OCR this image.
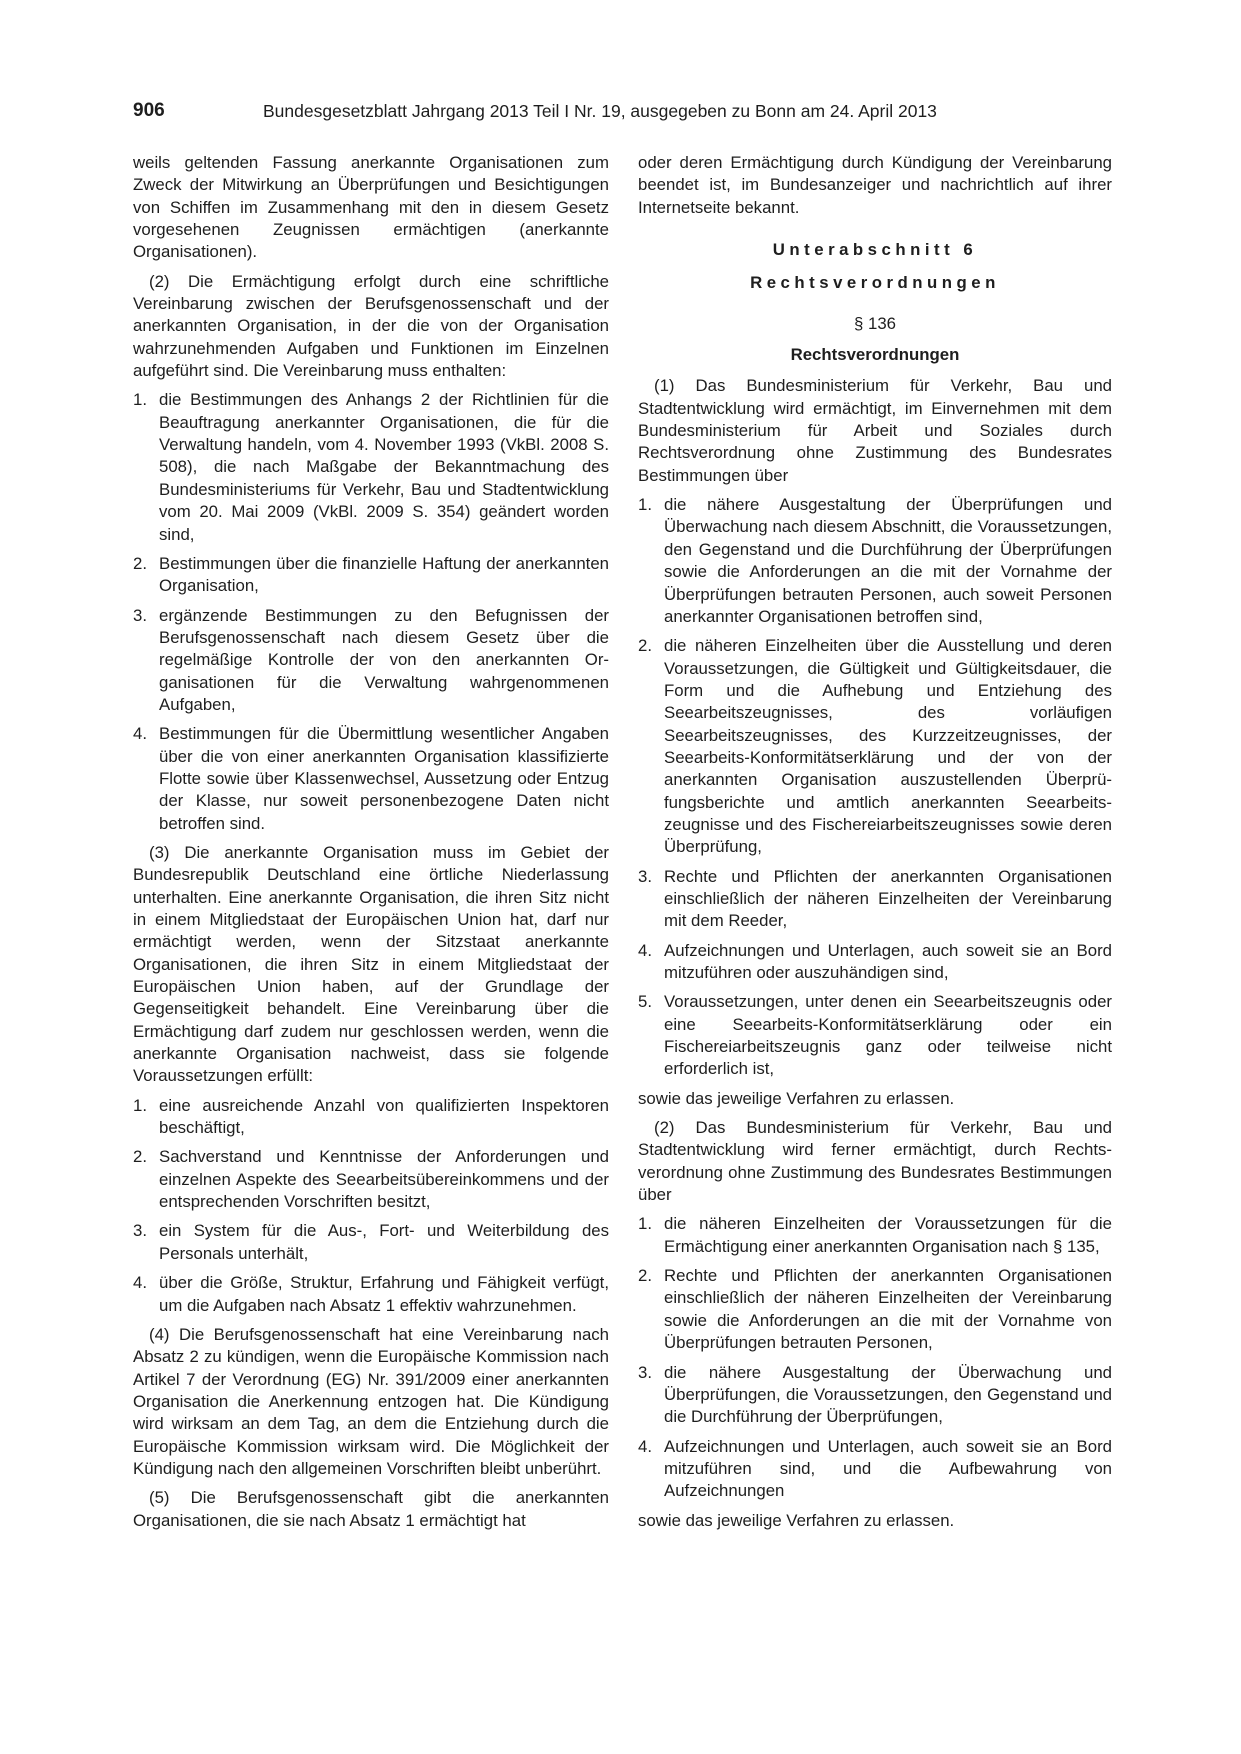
906	Bundesgesetzblatt Jahrgang 2013 Teil I Nr. 19, ausgegeben zu Bonn am 24. April 2013

weils geltenden Fassung anerkannte Organisationen zum Zweck der Mitwirkung an Überprüfungen und Besichtigungen von Schiffen im Zusammenhang mit den in diesem Gesetz vorgesehenen Zeugnissen ermächtigen (anerkannte Organisationen).

(2) Die Ermächtigung erfolgt durch eine schriftliche Vereinbarung zwischen der Berufsgenossenschaft und der anerkannten Organisation, in der die von der Organisation wahrzunehmenden Aufgaben und Funktionen im Einzelnen aufgeführt sind. Die Vereinbarung muss enthalten:

1. die Bestimmungen des Anhangs 2 der Richtlinien für die Beauftragung anerkannter Organisationen, die für die Verwaltung handeln, vom 4. November 1993 (VkBl. 2008 S. 508), die nach Maßgabe der Bekanntmachung des Bundesministeriums für Verkehr, Bau und Stadtentwicklung vom 20. Mai 2009 (VkBl. 2009 S. 354) geändert worden sind,
2. Bestimmungen über die finanzielle Haftung der anerkannten Organisation,
3. ergänzende Bestimmungen zu den Befugnissen der Berufsgenossenschaft nach diesem Gesetz über die regelmäßige Kontrolle der von den anerkannten Organisationen für die Verwaltung wahrgenommenen Aufgaben,
4. Bestimmungen für die Übermittlung wesentlicher Angaben über die von einer anerkannten Organisation klassifizierte Flotte sowie über Klassenwechsel, Aussetzung oder Entzug der Klasse, nur soweit personenbezogene Daten nicht betroffen sind.

(3) Die anerkannte Organisation muss im Gebiet der Bundesrepublik Deutschland eine örtliche Niederlassung unterhalten. Eine anerkannte Organisation, die ihren Sitz nicht in einem Mitgliedstaat der Europäischen Union hat, darf nur ermächtigt werden, wenn der Sitzstaat anerkannte Organisationen, die ihren Sitz in einem Mitgliedstaat der Europäischen Union haben, auf der Grundlage der Gegenseitigkeit behandelt. Eine Vereinbarung über die Ermächtigung darf zudem nur geschlossen werden, wenn die anerkannte Organisation nachweist, dass sie folgende Voraussetzungen erfüllt:

1. eine ausreichende Anzahl von qualifizierten Inspektoren beschäftigt,
2. Sachverstand und Kenntnisse der Anforderungen und einzelnen Aspekte des Seearbeitsübereinkommens und der entsprechenden Vorschriften besitzt,
3. ein System für die Aus-, Fort- und Weiterbildung des Personals unterhält,
4. über die Größe, Struktur, Erfahrung und Fähigkeit verfügt, um die Aufgaben nach Absatz 1 effektiv wahrzunehmen.

(4) Die Berufsgenossenschaft hat eine Vereinbarung nach Absatz 2 zu kündigen, wenn die Europäische Kommission nach Artikel 7 der Verordnung (EG) Nr. 391/2009 einer anerkannten Organisation die Anerkennung entzogen hat. Die Kündigung wird wirksam an dem Tag, an dem die Entziehung durch die Europäische Kommission wirksam wird. Die Möglichkeit der Kündigung nach den allgemeinen Vorschriften bleibt unberührt.

(5) Die Berufsgenossenschaft gibt die anerkannten Organisationen, die sie nach Absatz 1 ermächtigt hat

oder deren Ermächtigung durch Kündigung der Vereinbarung beendet ist, im Bundesanzeiger und nachrichtlich auf ihrer Internetseite bekannt.

Unterabschnitt 6
Rechtsverordnungen
§ 136
Rechtsverordnungen

(1) Das Bundesministerium für Verkehr, Bau und Stadtentwicklung wird ermächtigt, im Einvernehmen mit dem Bundesministerium für Arbeit und Soziales durch Rechtsverordnung ohne Zustimmung des Bundesrates Bestimmungen über

1. die nähere Ausgestaltung der Überprüfungen und Überwachung nach diesem Abschnitt, die Voraussetzungen, den Gegenstand und die Durchführung der Überprüfungen sowie die Anforderungen an die mit der Vornahme der Überprüfungen betrauten Personen, auch soweit Personen anerkannter Organisationen betroffen sind,
2. die näheren Einzelheiten über die Ausstellung und deren Voraussetzungen, die Gültigkeit und Gültigkeitsdauer, die Form und die Aufhebung und Entziehung des Seearbeitszeugnisses, des vorläufigen Seearbeitszeugnisses, des Kurzzeitzeugnisses, der Seearbeits-Konformitätserklärung und der von der anerkannten Organisation auszustellenden Überprüfungsberichte und amtlich anerkannten Seearbeitszeugnisse und des Fischereiarbeitszeugnisses sowie deren Überprüfung,
3. Rechte und Pflichten der anerkannten Organisationen einschließlich der näheren Einzelheiten der Vereinbarung mit dem Reeder,
4. Aufzeichnungen und Unterlagen, auch soweit sie an Bord mitzuführen oder auszuhändigen sind,
5. Voraussetzungen, unter denen ein Seearbeitszeugnis oder eine Seearbeits-Konformitätserklärung oder ein Fischereiarbeitszeugnis ganz oder teilweise nicht erforderlich ist,

sowie das jeweilige Verfahren zu erlassen.

(2) Das Bundesministerium für Verkehr, Bau und Stadtentwicklung wird ferner ermächtigt, durch Rechtsverordnung ohne Zustimmung des Bundesrates Bestimmungen über

1. die näheren Einzelheiten der Voraussetzungen für die Ermächtigung einer anerkannten Organisation nach § 135,
2. Rechte und Pflichten der anerkannten Organisationen einschließlich der näheren Einzelheiten der Vereinbarung sowie die Anforderungen an die mit der Vornahme von Überprüfungen betrauten Personen,
3. die nähere Ausgestaltung der Überwachung und Überprüfungen, die Voraussetzungen, den Gegenstand und die Durchführung der Überprüfungen,
4. Aufzeichnungen und Unterlagen, auch soweit sie an Bord mitzuführen sind, und die Aufbewahrung von Aufzeichnungen

sowie das jeweilige Verfahren zu erlassen.
